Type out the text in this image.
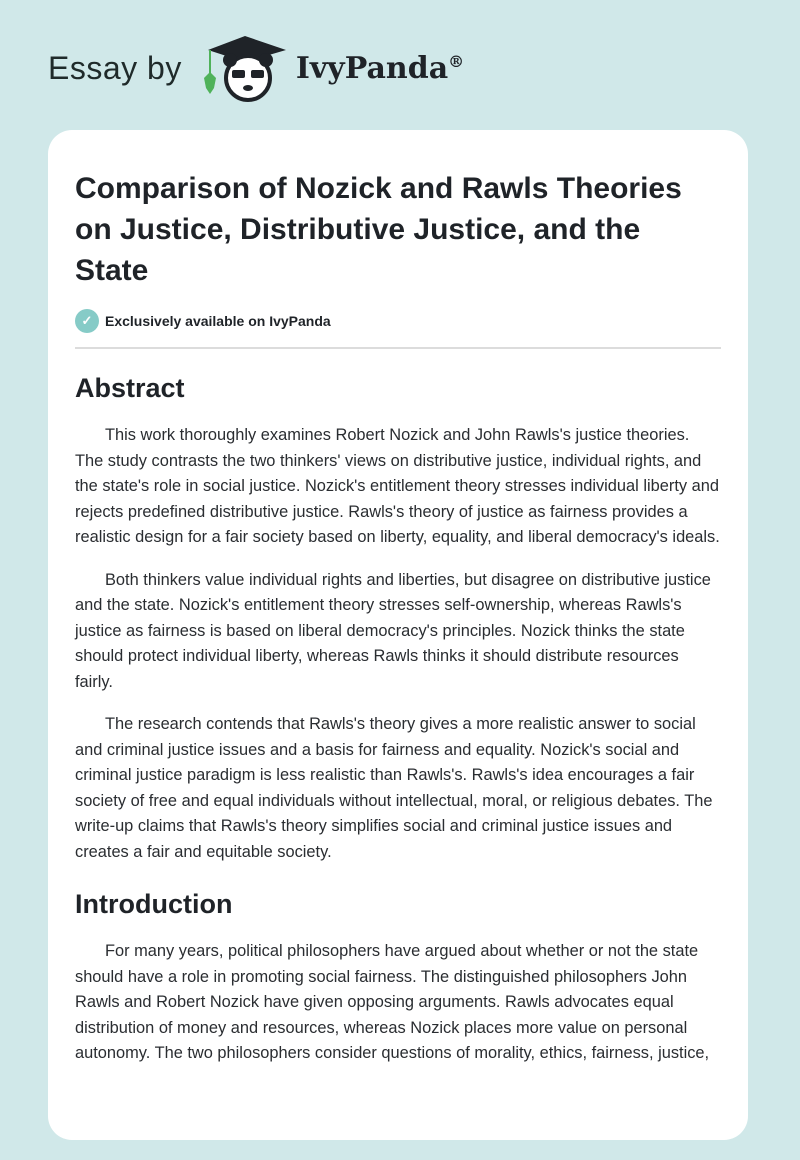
Essay by	IvyPanda®
Comparison of Nozick and Rawls Theories on Justice, Distributive Justice, and the State
✓ Exclusively available on IvyPanda
Abstract

This work thoroughly examines Robert Nozick and John Rawls's justice theories. The study contrasts the two thinkers' views on distributive justice, individual rights, and the state's role in social justice. Nozick's entitlement theory stresses individual liberty and rejects predefined distributive justice. Rawls's theory of justice as fairness provides a realistic design for a fair society based on liberty, equality, and liberal democracy's ideals.

Both thinkers value individual rights and liberties, but disagree on distributive justice and the state. Nozick's entitlement theory stresses self-ownership, whereas Rawls's justice as fairness is based on liberal democracy's principles. Nozick thinks the state should protect individual liberty, whereas Rawls thinks it should distribute resources fairly.

The research contends that Rawls's theory gives a more realistic answer to social and criminal justice issues and a basis for fairness and equality. Nozick's social and criminal justice paradigm is less realistic than Rawls's. Rawls's idea encourages a fair society of free and equal individuals without intellectual, moral, or religious debates. The write-up claims that Rawls's theory simplifies social and criminal justice issues and creates a fair and equitable society.

Introduction

For many years, political philosophers have argued about whether or not the state should have a role in promoting social fairness. The distinguished philosophers John Rawls and Robert Nozick have given opposing arguments. Rawls advocates equal distribution of money and resources, whereas Nozick places more value on personal autonomy. The two philosophers consider questions of morality, ethics, fairness, justice,
